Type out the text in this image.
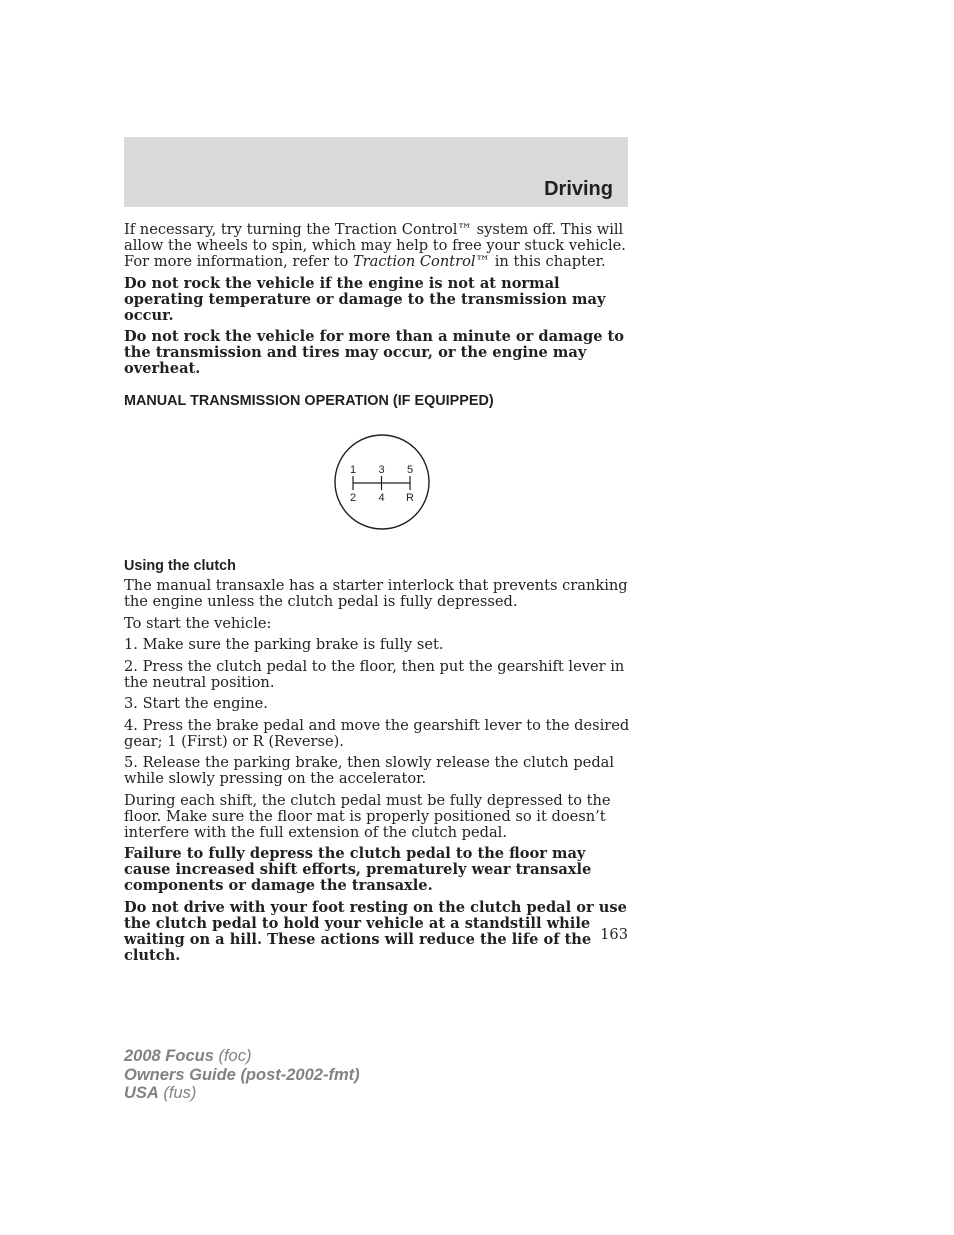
Driving

If necessary, try turning the Traction Control™ system off. This will allow the wheels to spin, which may help to free your stuck vehicle. For more information, refer to Traction Control™ in this chapter.

Do not rock the vehicle if the engine is not at normal operating temperature or damage to the transmission may occur.

Do not rock the vehicle for more than a minute or damage to the transmission and tires may occur, or the engine may overheat.

MANUAL TRANSMISSION OPERATION (IF EQUIPPED)
1 3 5
2 4 R
Using the clutch

The manual transaxle has a starter interlock that prevents cranking the engine unless the clutch pedal is fully depressed.

To start the vehicle:

1. Make sure the parking brake is fully set.

2. Press the clutch pedal to the floor, then put the gearshift lever in the neutral position.

3. Start the engine.

4. Press the brake pedal and move the gearshift lever to the desired gear; 1 (First) or R (Reverse).

5. Release the parking brake, then slowly release the clutch pedal while slowly pressing on the accelerator.

During each shift, the clutch pedal must be fully depressed to the floor. Make sure the floor mat is properly positioned so it doesn’t interfere with the full extension of the clutch pedal.

Failure to fully depress the clutch pedal to the floor may cause increased shift efforts, prematurely wear transaxle components or damage the transaxle.

Do not drive with your foot resting on the clutch pedal or use the clutch pedal to hold your vehicle at a standstill while waiting on a hill. These actions will reduce the life of the clutch.

163
2008 Focus (foc)
Owners Guide (post-2002-fmt)
USA (fus)
